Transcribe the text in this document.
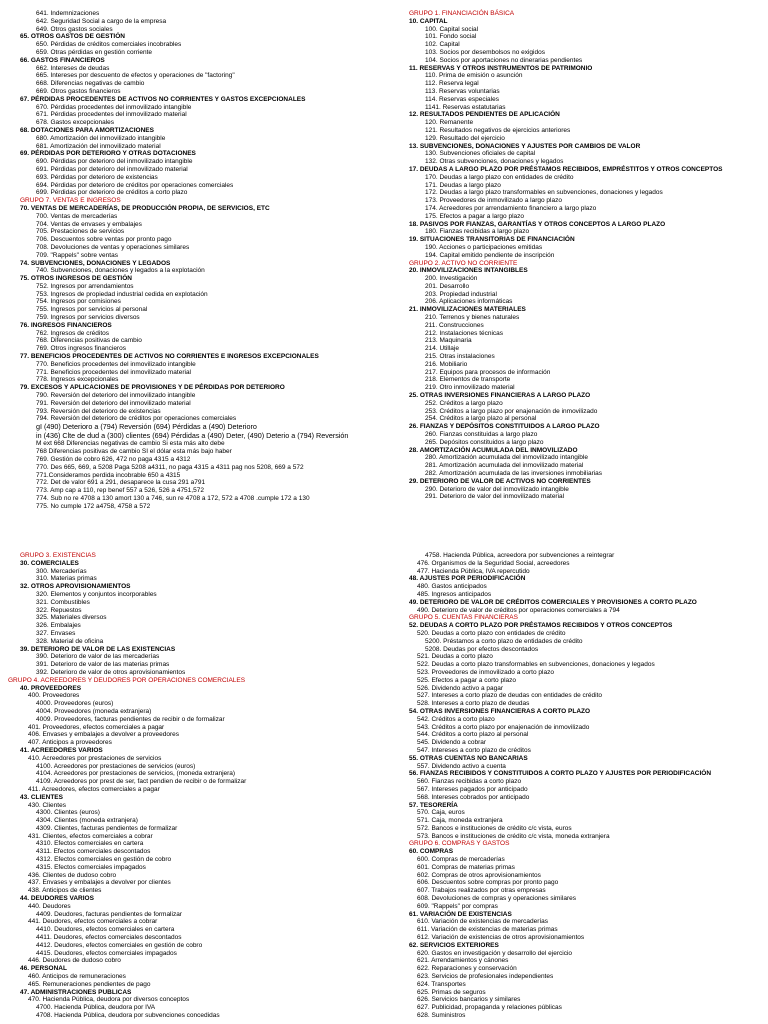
641. Indemnizaciones
642. Seguridad Social a cargo de la empresa
649. Otros gastos sociales
65. OTROS GASTOS DE GESTIÓN
650. Pérdidas de créditos comerciales incobrables
659. Otras pérdidas en gestión corriente
66. GASTOS FINANCIEROS
662. Intereses de deudas
665. Intereses por descuento de efectos y operaciones de "factoring"
668. Diferencias negativas de cambio
669. Otros gastos financieros
67. PÉRDIDAS PROCEDENTES DE ACTIVOS NO CORRIENTES Y GASTOS EXCEPCIONALES
670. Pérdidas procedentes del inmovilizado intangible
671. Pérdidas procedentes del inmovilizado material
678. Gastos excepcionales
68. DOTACIONES PARA AMORTIZACIONES
680. Amortización del inmovilizado intangible
681. Amortización del inmovilizado material
69. PÉRDIDAS POR DETERIORO Y OTRAS DOTACIONES
690. Pérdidas por deterioro del inmovilizado intangible
691. Pérdidas por deterioro del inmovilizado material
693. Pérdidas por deterioro de existencias
694. Pérdidas por deterioro de créditos por operaciones comerciales
699. Pérdidas por deterioro de créditos a corto plazo
GRUPO 7. VENTAS E INGRESOS
70. VENTAS DE MERCADERÍAS, DE PRODUCCIÓN PROPIA, DE SERVICIOS, ETC
700. Ventas de mercaderías
704. Ventas de envases y embalajes
705. Prestaciones de servicios
706. Descuentos sobre ventas por pronto pago
708. Devoluciones de ventas y operaciones similares
709. "Rappels" sobre ventas
74. SUBVENCIONES, DONACIONES Y LEGADOS
740. Subvenciones, donaciones y legados a la explotación
75. OTROS INGRESOS DE GESTIÓN
752. Ingresos por arrendamientos
753. Ingresos de propiedad industrial cedida en explotación
754. Ingresos por comisiones
755. Ingresos por servicios al personal
759. Ingresos por servicios diversos
76. INGRESOS FINANCIEROS
762. Ingresos de créditos
768. Diferencias positivas de cambio
769. Otros ingresos financieros
77. BENEFICIOS PROCEDENTES DE ACTIVOS NO CORRIENTES E INGRESOS EXCEPCIONALES
770. Beneficios procedentes del inmovilizado intangible
771. Beneficios procedentes del inmovilizado material
778. Ingresos excepcionales
79. EXCESOS Y APLICACIONES DE PROVISIONES Y DE PÉRDIDAS POR DETERIORO
790. Reversión del deterioro del inmovilizado intangible
791. Reversión del deterioro del inmovilizado material
793. Reversión del deterioro de existencias
794. Reversión del deterioro de créditos por operaciones comerciales
gI (490) Deterioro a (794) Reversión (694) Pérdidas a (490) Deterioro
in (436) Clte de dud a (300) clientes (694) Pérdidas a (490) Deter, (490) Deterio a (794) Reversión
M ext 668 Diferencias negativas de cambio Si esta más alto debe
768 Diferencias positivas de cambio SI el dólar esta más bajo haber
769. Gestión de cobro 626, 472 no paga 4315 a 4312
770. Des 665, 669, a 5208 Paga 5208 a4311, no paga 4315 a 4311 pag nos 5208, 669 a 572
771.Consideramos perdida incobrable 650 a 4315
772. Det de valor 691 a 291, desaparece la cusa 291 a791
773. Amp cap a 110, rep benef 557 a 526, 526 a 4751,572
774. Sub no re 4708 a 130 amort 130 a 746, sun re 4708 a 172, 572 a 4708 .cumple 172 a 130
775. No cumple 172 a4758, 4758 a 572
GRUPO 1. FINANCIACIÓN BÁSICA
10. CAPITAL
100. Capital social
101. Fondo social
102. Capital
103. Socios por desembolsos no exigidos
104. Socios por aportaciones no dinerarias pendientes
11. RESERVAS Y OTROS INSTRUMENTOS DE PATRIMONIO
110. Prima de emisión o asunción
112. Reserva legal
113. Reservas voluntarias
114. Reservas especiales
1141. Reservas estatutarias
12. RESULTADOS PENDIENTES DE APLICACIÓN
120. Remanente
121. Resultados negativos de ejercicios anteriores
129. Resultado del ejercicio
13. SUBVENCIONES, DONACIONES Y AJUSTES POR CAMBIOS DE VALOR
130. Subvenciones oficiales de capital
132. Otras subvenciones, donaciones y legados
17. DEUDAS A LARGO PLAZO POR PRÉSTAMOS RECIBIDOS, EMPRÉSTITOS Y OTROS CONCEPTOS
170. Deudas a largo plazo con entidades de crédito
171. Deudas a largo plazo
172. Deudas a largo plazo transformables en subvenciones, donaciones y legados
173. Proveedores de inmovilizado a largo plazo
174. Acreedores por arrendamiento financiero a largo plazo
175. Efectos a pagar a largo plazo
18. PASIVOS POR FIANZAS, GARANTÍAS Y OTROS CONCEPTOS A LARGO PLAZO
180. Fianzas recibidas a largo plazo
19. SITUACIONES TRANSITORIAS DE FINANCIACIÓN
190. Acciones o participaciones emitidas
194. Capital emitido pendiente de inscripción
GRUPO 2. ACTIVO NO CORRIENTE
20. INMOVILIZACIONES INTANGIBLES
200. Investigación
201. Desarrollo
203. Propiedad industrial
206. Aplicaciones informáticas
21. INMOVILIZACIONES MATERIALES
210. Terrenos y bienes naturales
211. Construcciones
212. Instalaciones técnicas
213. Maquinaria
214. Utillaje
215. Otras instalaciones
216. Mobiliario
217. Equipos para procesos de información
218. Elementos de transporte
219. Otro inmovilizado material
25. OTRAS INVERSIONES FINANCIERAS A LARGO PLAZO
252. Créditos a largo plazo
253. Créditos a largo plazo por enajenación de inmovilizado
254. Créditos a largo plazo al personal
26. FIANZAS Y DEPÓSITOS CONSTITUIDOS A LARGO PLAZO
260. Fianzas constituidas a largo plazo
265. Depósitos constituidos a largo plazo
28. AMORTIZACIÓN ACUMULADA DEL INMOVILIZADO
280. Amortización acumulada del inmovilizado intangible
281. Amortización acumulada del inmovilizado material
282. Amortización acumulada de las inversiones inmobiliarias
29. DETERIORO DE VALOR DE ACTIVOS NO CORRIENTES
290. Deterioro de valor del inmovilizado intangible
291. Deterioro de valor del inmovilizado material
GRUPO 3. EXISTENCIAS
30. COMERCIALES
300. Mercaderías
310. Materias primas
32. OTROS APROVISIONAMIENTOS
320. Elementos y conjuntos incorporables
321. Combustibles
322. Repuestos
325. Materiales diversos
326. Embalajes
327. Envases
328. Material de oficina
39. DETERIORO DE VALOR DE LAS EXISTENCIAS
390. Deterioro de valor de las mercaderías
391. Deterioro de valor de las materias primas
392. Deterioro de valor de otros aprovisionamientos
GRUPO 4. ACREEDORES Y DEUDORES POR OPERACIONES COMERCIALES
40. PROVEEDORES
400. Proveedores
4000. Proveedores (euros)
4004. Proveedores (moneda extranjera)
4009. Proveedores, facturas pendientes de recibir o de formalizar
401. Proveedores, efectos comerciales a pagar
406. Envases y embalajes a devolver a proveedores
407. Anticipos a proveedores
41. ACREEDORES VARIOS
410. Acreedores por prestaciones de servicios
4100. Acreedores por prestaciones de servicios (euros)
4104. Acreedores por prestaciones de servicios, (moneda extranjera)
4109. Acreedores por prest de ser, fact pendien de recibir o de formalizar
411. Acreedores, efectos comerciales a pagar
43. CLIENTES
430. Clientes
4300. Clientes (euros)
4304. Clientes (moneda extranjera)
4309. Clientes, facturas pendientes de formalizar
431. Clientes, efectos comerciales a cobrar
4310. Efectos comerciales en cartera
4311. Efectos comerciales descontados
4312. Efectos comerciales en gestión de cobro
4315. Efectos comerciales impagados
436. Clientes de dudoso cobro
437. Envases y embalajes a devolver por clientes
438. Anticipos de clientes
44. DEUDORES VARIOS
440. Deudores
4409. Deudores, facturas pendientes de formalizar
441. Deudores, efectos comerciales a cobrar
4410. Deudores, efectos comerciales en cartera
4411. Deudores, efectos comerciales descontados
4412. Deudores, efectos comerciales en gestión de cobro
4415. Deudores, efectos comerciales impagados
446. Deudores de dudoso cobro
46. PERSONAL
460. Anticipos de remuneraciones
465. Remuneraciones pendientes de pago
47. ADMINISTRACIONES PUBLICAS
470. Hacienda Pública, deudora por diversos conceptos
4700. Hacienda Pública, deudora por IVA
4708. Hacienda Pública, deudora por subvenciones concedidas
4758. Hacienda Pública, acreedora por subvenciones a reintegrar
476. Organismos de la Seguridad Social, acreedores
477. Hacienda Pública, IVA repercutido
48. AJUSTES POR PERIODIFICACIÓN
480. Gastos anticipados
485. Ingresos anticipados
49. DETERIORO DE VALOR DE CRÉDITOS COMERCIALES Y PROVISIONES A CORTO PLAZO
490. Deterioro de valor de créditos por operaciones comerciales a 794
GRUPO 5. CUENTAS FINANCIERAS
52. DEUDAS A CORTO PLAZO POR PRÉSTAMOS RECIBIDOS Y OTROS CONCEPTOS
520. Deudas a corto plazo con entidades de crédito
5200. Préstamos a corto plazo de entidades de crédito
5208. Deudas por efectos descontados
521. Deudas a corto plazo
522. Deudas a corto plazo transformables en subvenciones, donaciones y legados
523. Proveedores de inmovilizado a corto plazo
525. Efectos a pagar a corto plazo
526. Dividendo activo a pagar
527. Intereses a corto plazo de deudas con entidades de crédito
528. Intereses a corto plazo de deudas
54. OTRAS INVERSIONES FINANCIERAS A CORTO PLAZO
542. Créditos a corto plazo
543. Créditos a corto plazo por enajenación de inmovilizado
544. Créditos a corto plazo al personal
545. Dividendo a cobrar
547. Intereses a corto plazo de créditos
55. OTRAS CUENTAS NO BANCARIAS
557. Dividendo activo a cuenta
56. FIANZAS RECIBIDOS Y CONSTITUIDOS A CORTO PLAZO Y AJUSTES POR PERIODIFICACIÓN
560. Fianzas recibidas a corto plazo
567. Intereses pagados por anticipado
568. Intereses cobrados por anticipado
57. TESORERÍA
570. Caja, euros
571. Caja, moneda extranjera
572. Bancos e instituciones de crédito c/c vista, euros
573. Bancos e instituciones de crédito c/c vista, moneda extranjera
GRUPO 6. COMPRAS Y GASTOS
60. COMPRAS
600. Compras de mercaderías
601. Compras de materias primas
602. Compras de otros aprovisionamientos
606. Descuentos sobre compras por pronto pago
607. Trabajos realizados por otras empresas
608. Devoluciones de compras y operaciones similares
609. "Rappels" por compras
61. VARIACIÓN DE EXISTENCIAS
610. Variación de existencias de mercaderías
611. Variación de existencias de materias primas
612. Variación de existencias de otros aprovisionamientos
62. SERVICIOS EXTERIORES
620. Gastos en investigación y desarrollo del ejercicio
621. Arrendamientos y cánones
622. Reparaciones y conservación
623. Servicios de profesionales independientes
624. Transportes
625. Primas de seguros
626. Servicios bancarios y similares
627. Publicidad, propaganda y relaciones públicas
628. Suministros
